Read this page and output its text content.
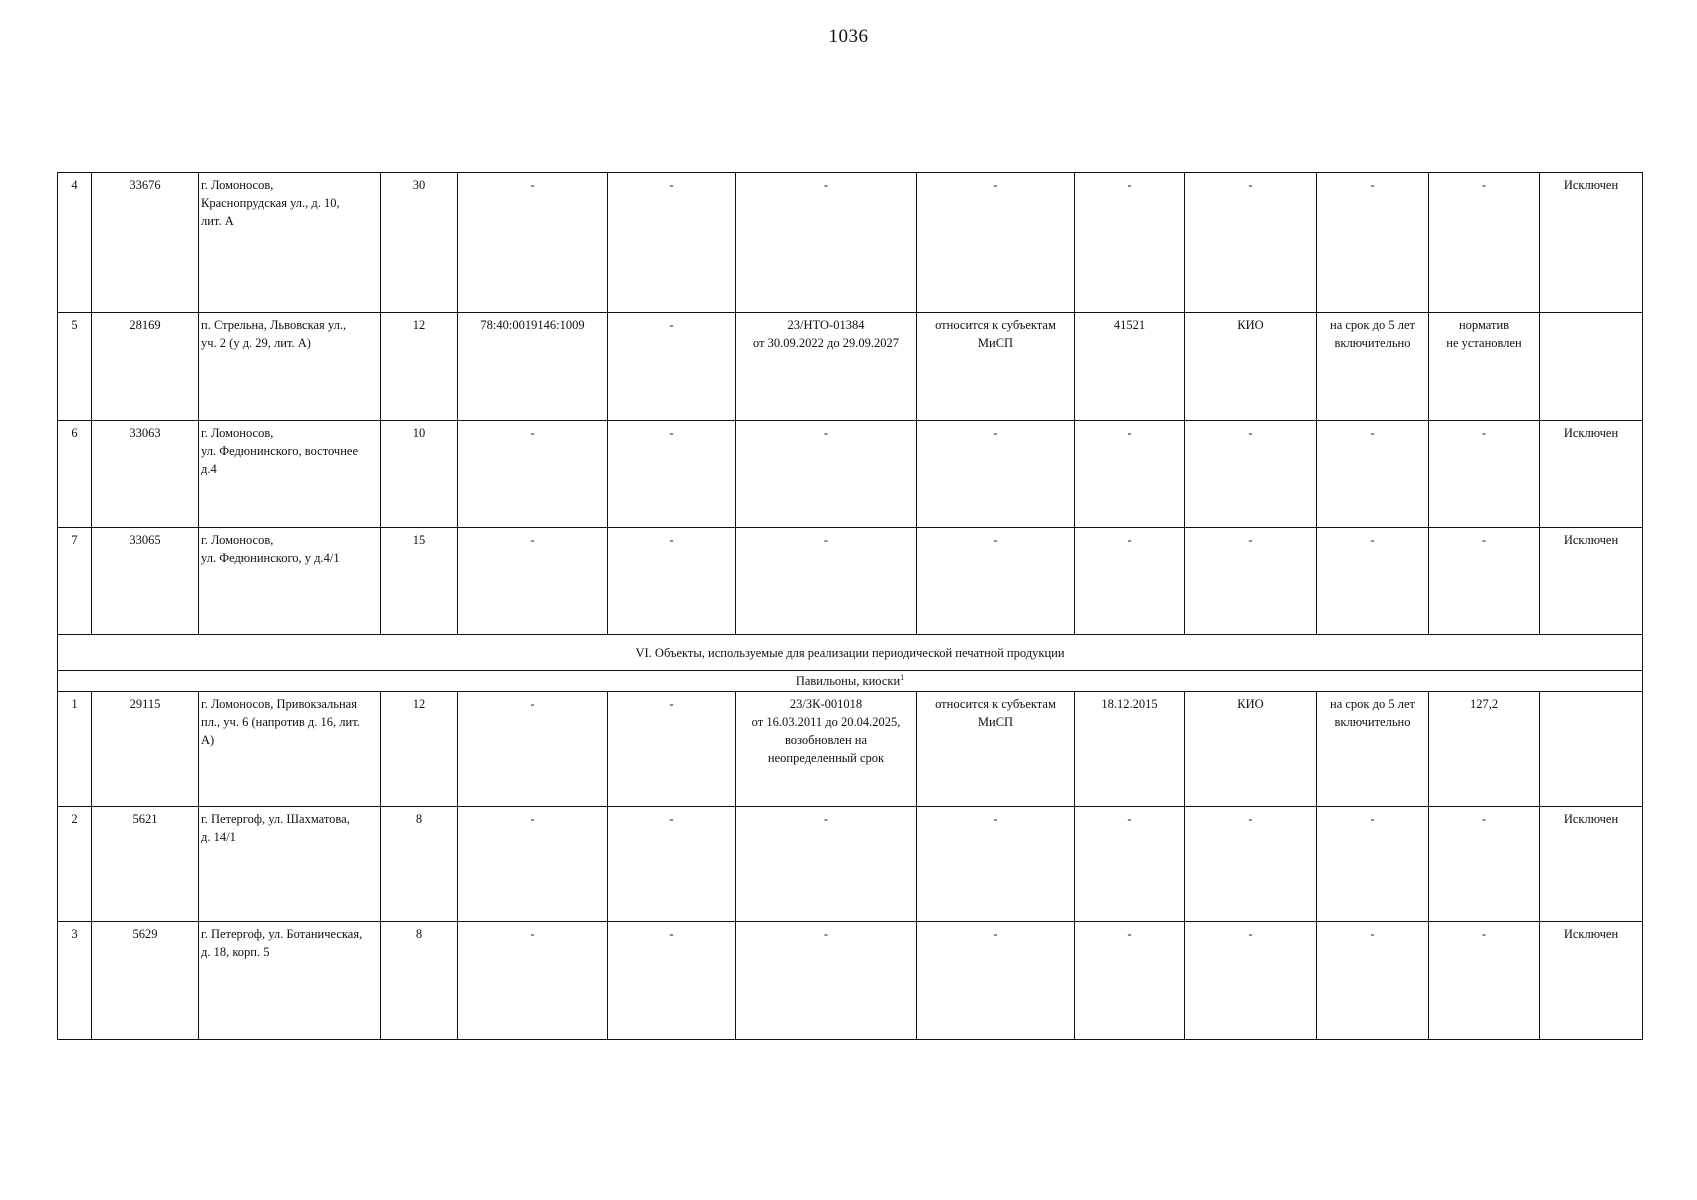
1036
4	33676	г. Ломоносов,
Краснопрудская ул., д. 10,
лит. А	30	-	-	-	-	-	-	-	-	Исключен
5	28169	п. Стрельна, Львовская ул.,
уч. 2 (у д. 29, лит. А)	12	78:40:0019146:1009	-	23/НТО-01384
от 30.09.2022 до 29.09.2027	относится к субъектам
МиСП	41521	КИО	на срок до 5 лет
включительно	норматив
не установлен	
6	33063	г. Ломоносов,
ул. Федюнинского, восточнее
д.4	10	-	-	-	-	-	-	-	-	Исключен
7	33065	г. Ломоносов,
ул. Федюнинского, у д.4/1	15	-	-	-	-	-	-	-	-	Исключен
VI. Объекты, используемые для реализации периодической печатной продукции												
Павильоны, киоски$^1$
1	29115	г. Ломоносов, Привокзальная
пл., уч. 6 (напротив д. 16, лит.
А)	12	-	-	23/ЗК-001018
от 16.03.2011 до 20.04.2025,
возобновлен на
неопределенный срок	относится к субъектам
МиСП	18.12.2015	КИО	на срок до 5 лет
включительно	127,2	
2	5621	г. Петергоф, ул. Шахматова,
д. 14/1	8	-	-	-	-	-	-	-	-	Исключен
3	5629	г. Петергоф, ул. Ботаническая,
д. 18, корп. 5	8	-	-	-	-	-	-	-	-	Исключен
